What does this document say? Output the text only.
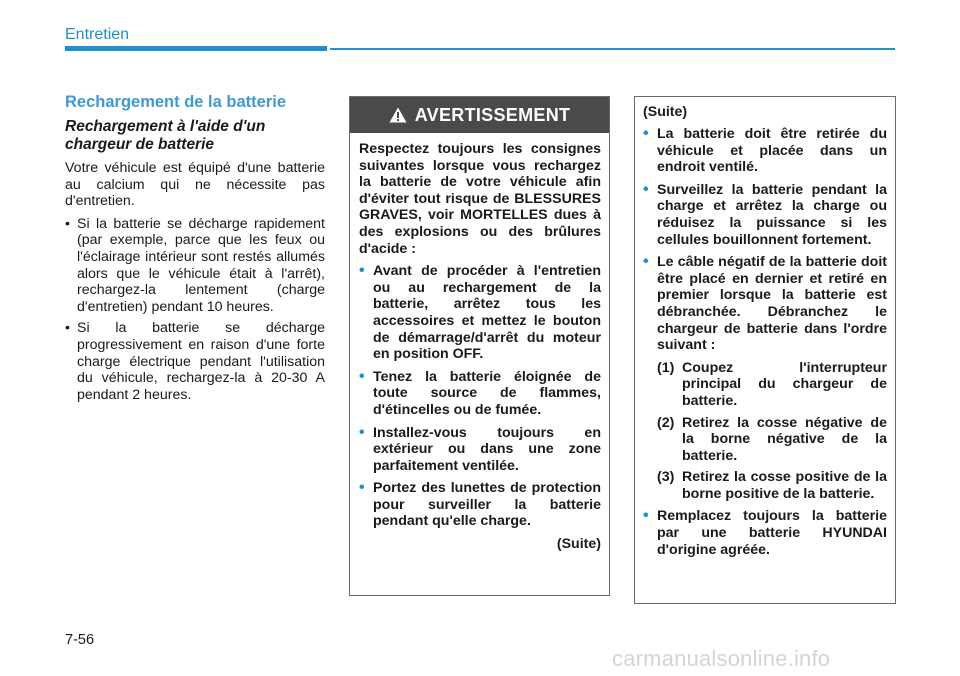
Entretien
Rechargement de la batterie
Rechargement à l'aide d'un chargeur de batterie

Votre véhicule est équipé d'une batterie au calcium qui ne nécessite pas d'entretien.

• Si la batterie se décharge rapidement (par exemple, parce que les feux ou l'éclairage intérieur sont restés allumés alors que le véhicule était à l'arrêt), rechargez-la lentement (charge d'entretien) pendant 10 heures.
• Si la batterie se décharge progressivement en raison d'une forte charge électrique pendant l'utilisation du véhicule, rechargez-la à 20-30 A pendant 2 heures.
AVERTISSEMENT

Respectez toujours les consignes suivantes lorsque vous rechargez la batterie de votre véhicule afin d'éviter tout risque de BLESSURES GRAVES, voir MORTELLES dues à des explosions ou des brûlures d'acide :

• Avant de procéder à l'entretien ou au rechargement de la batterie, arrêtez tous les accessoires et mettez le bouton de démarrage/d'arrêt du moteur en position OFF.
• Tenez la batterie éloignée de toute source de flammes, d'étincelles ou de fumée.
• Installez-vous toujours en extérieur ou dans une zone parfaitement ventilée.
• Portez des lunettes de protection pour surveiller la batterie pendant qu'elle charge.

(Suite)

(Suite)

• La batterie doit être retirée du véhicule et placée dans un endroit ventilé.
• Surveillez la batterie pendant la charge et arrêtez la charge ou réduisez la puissance si les cellules bouillonnent fortement.
• Le câble négatif de la batterie doit être placé en dernier et retiré en premier lorsque la batterie est débranchée. Débranchez le chargeur de batterie dans l'ordre suivant :
(1) Coupez l'interrupteur principal du chargeur de batterie.
(2) Retirez la cosse négative de la borne négative de la batterie.
(3) Retirez la cosse positive de la borne positive de la batterie.
• Remplacez toujours la batterie par une batterie HYUNDAI d'origine agréée.
7-56
carmanualsonline.info
